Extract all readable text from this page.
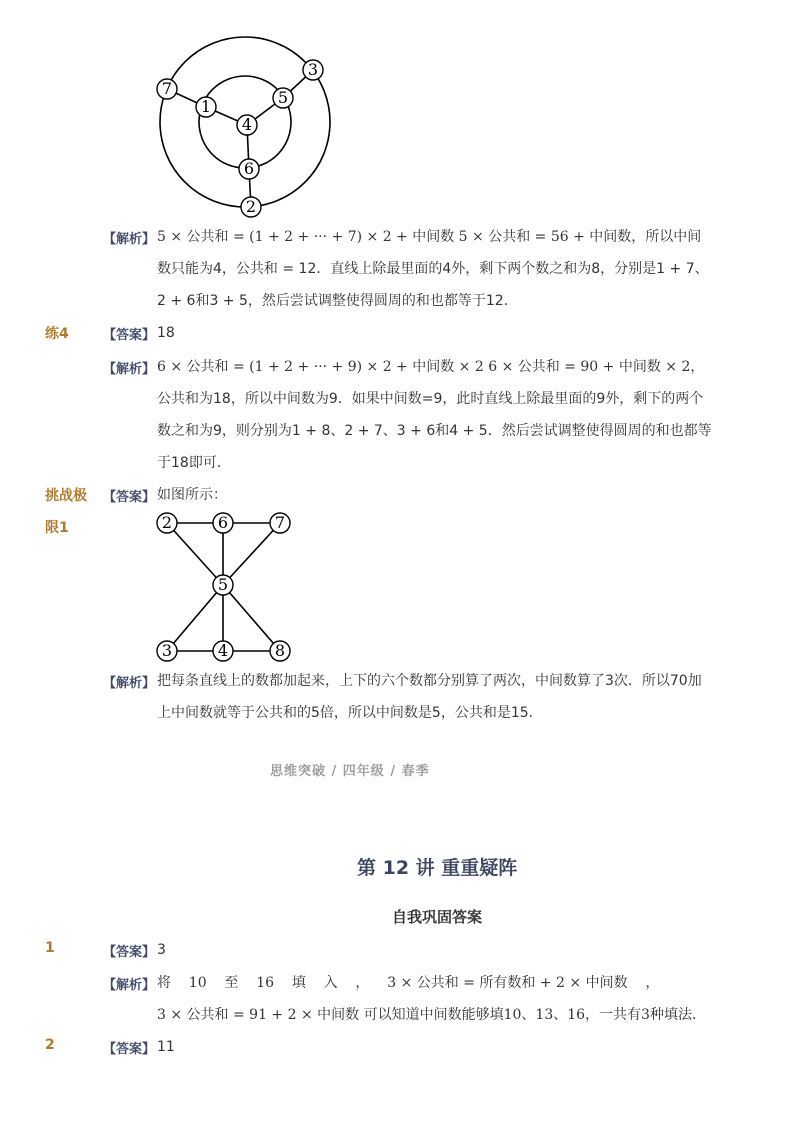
7
1
3
5
4
6
2
【解析】 5 × 公共和 = (1 + 2 + ··· + 7) × 2 + 中间数 5 × 公共和 = 56 + 中间数，所以中间
数只能为4，公共和 = 12．直线上除最里面的4外，剩下两个数之和为8，分别是1 + 7、
2 + 6和3 + 5，然后尝试调整使得圆周的和也都等于12．
练4	【答案】 18
【解析】 6 × 公共和 = (1 + 2 + ··· + 9) × 2 + 中间数 × 2 6 × 公共和 = 90 + 中间数 × 2，
公共和为18，所以中间数为9．如果中间数=9，此时直线上除最里面的9外，剩下的两个
数之和为9，则分别为1 + 8、2 + 7、3 + 6和4 + 5．然后尝试调整使得圆周的和也都等
于18即可．
挑战极
限1
【答案】 如图所示：
2	6	7
5
3	4	8
【解析】 把每条直线上的数都加起来，上下的六个数都分别算了两次，中间数算了3次．所以70加
上中间数就等于公共和的5倍，所以中间数是5，公共和是15．
思维突破 / 四年级 / 春季
第 12 讲 重重疑阵
自我巩固答案
1	【答案】 3
【解析】 将    10    至    16    填    入    ，    3 × 公共和 = 所有数和 + 2 × 中间数    ，
3 × 公共和 = 91 + 2 × 中间数 可以知道中间数能够填10、13、16，一共有3种填法．
2	【答案】 11
